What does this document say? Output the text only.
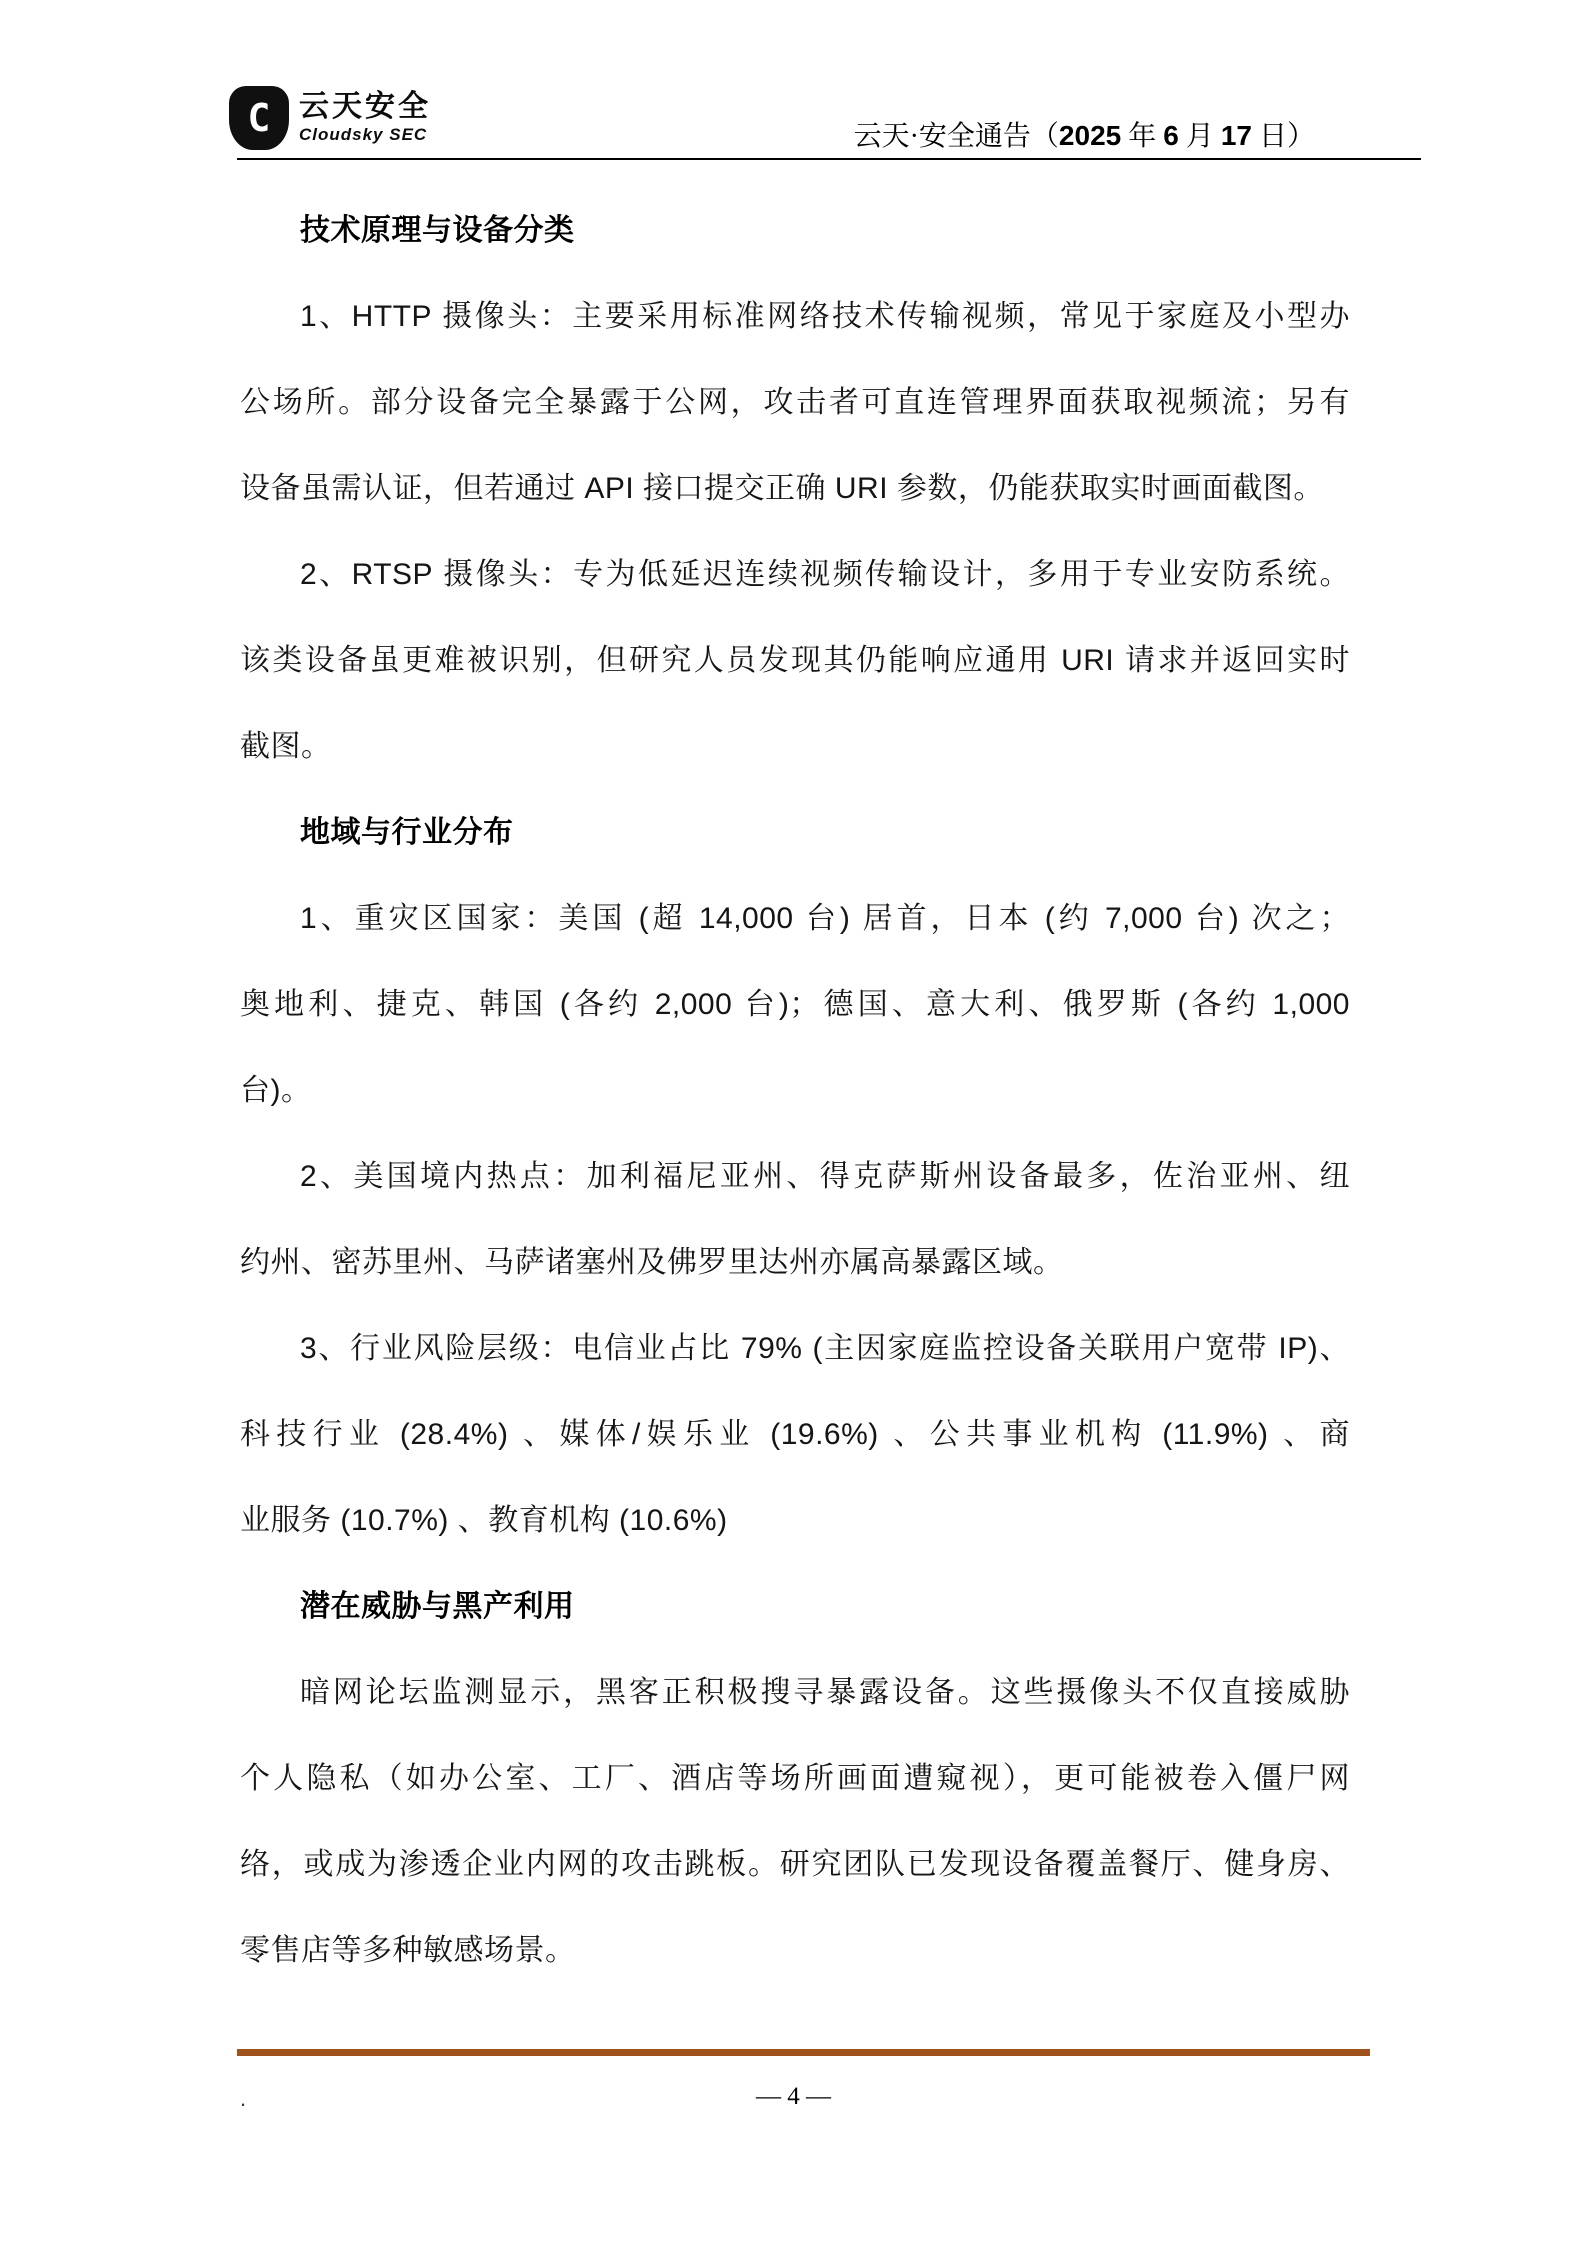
C 云天安全
Cloudsky SEC	云天·安全通告（2025 年 6 月 17 日）
技术原理与设备分类
1、HTTP 摄像头：主要采用标准网络技术传输视频，常见于家庭及小型办
公场所。部分设备完全暴露于公网，攻击者可直连管理界面获取视频流；另有
设备虽需认证，但若通过 API 接口提交正确 URI 参数，仍能获取实时画面截图。
2、RTSP 摄像头：专为低延迟连续视频传输设计，多用于专业安防系统。
该类设备虽更难被识别，但研究人员发现其仍能响应通用 URI 请求并返回实时
截图。
地域与行业分布
1、重灾区国家：美国 (超 14,000 台) 居首，日本 (约 7,000 台) 次之；
奥地利、捷克、韩国 (各约 2,000 台)；德国、意大利、俄罗斯 (各约 1,000
台)。
2、美国境内热点：加利福尼亚州、得克萨斯州设备最多，佐治亚州、纽
约州、密苏里州、马萨诸塞州及佛罗里达州亦属高暴露区域。
3、行业风险层级：电信业占比 79% (主因家庭监控设备关联用户宽带 IP)、
科技行业 (28.4%) 、媒体/娱乐业 (19.6%) 、公共事业机构 (11.9%) 、商
业服务 (10.7%) 、教育机构 (10.6%)
潜在威胁与黑产利用
暗网论坛监测显示，黑客正积极搜寻暴露设备。这些摄像头不仅直接威胁
个人隐私（如办公室、工厂、酒店等场所画面遭窥视），更可能被卷入僵尸网
络，或成为渗透企业内网的攻击跳板。研究团队已发现设备覆盖餐厅、健身房、
零售店等多种敏感场景。
.	— 4 —
